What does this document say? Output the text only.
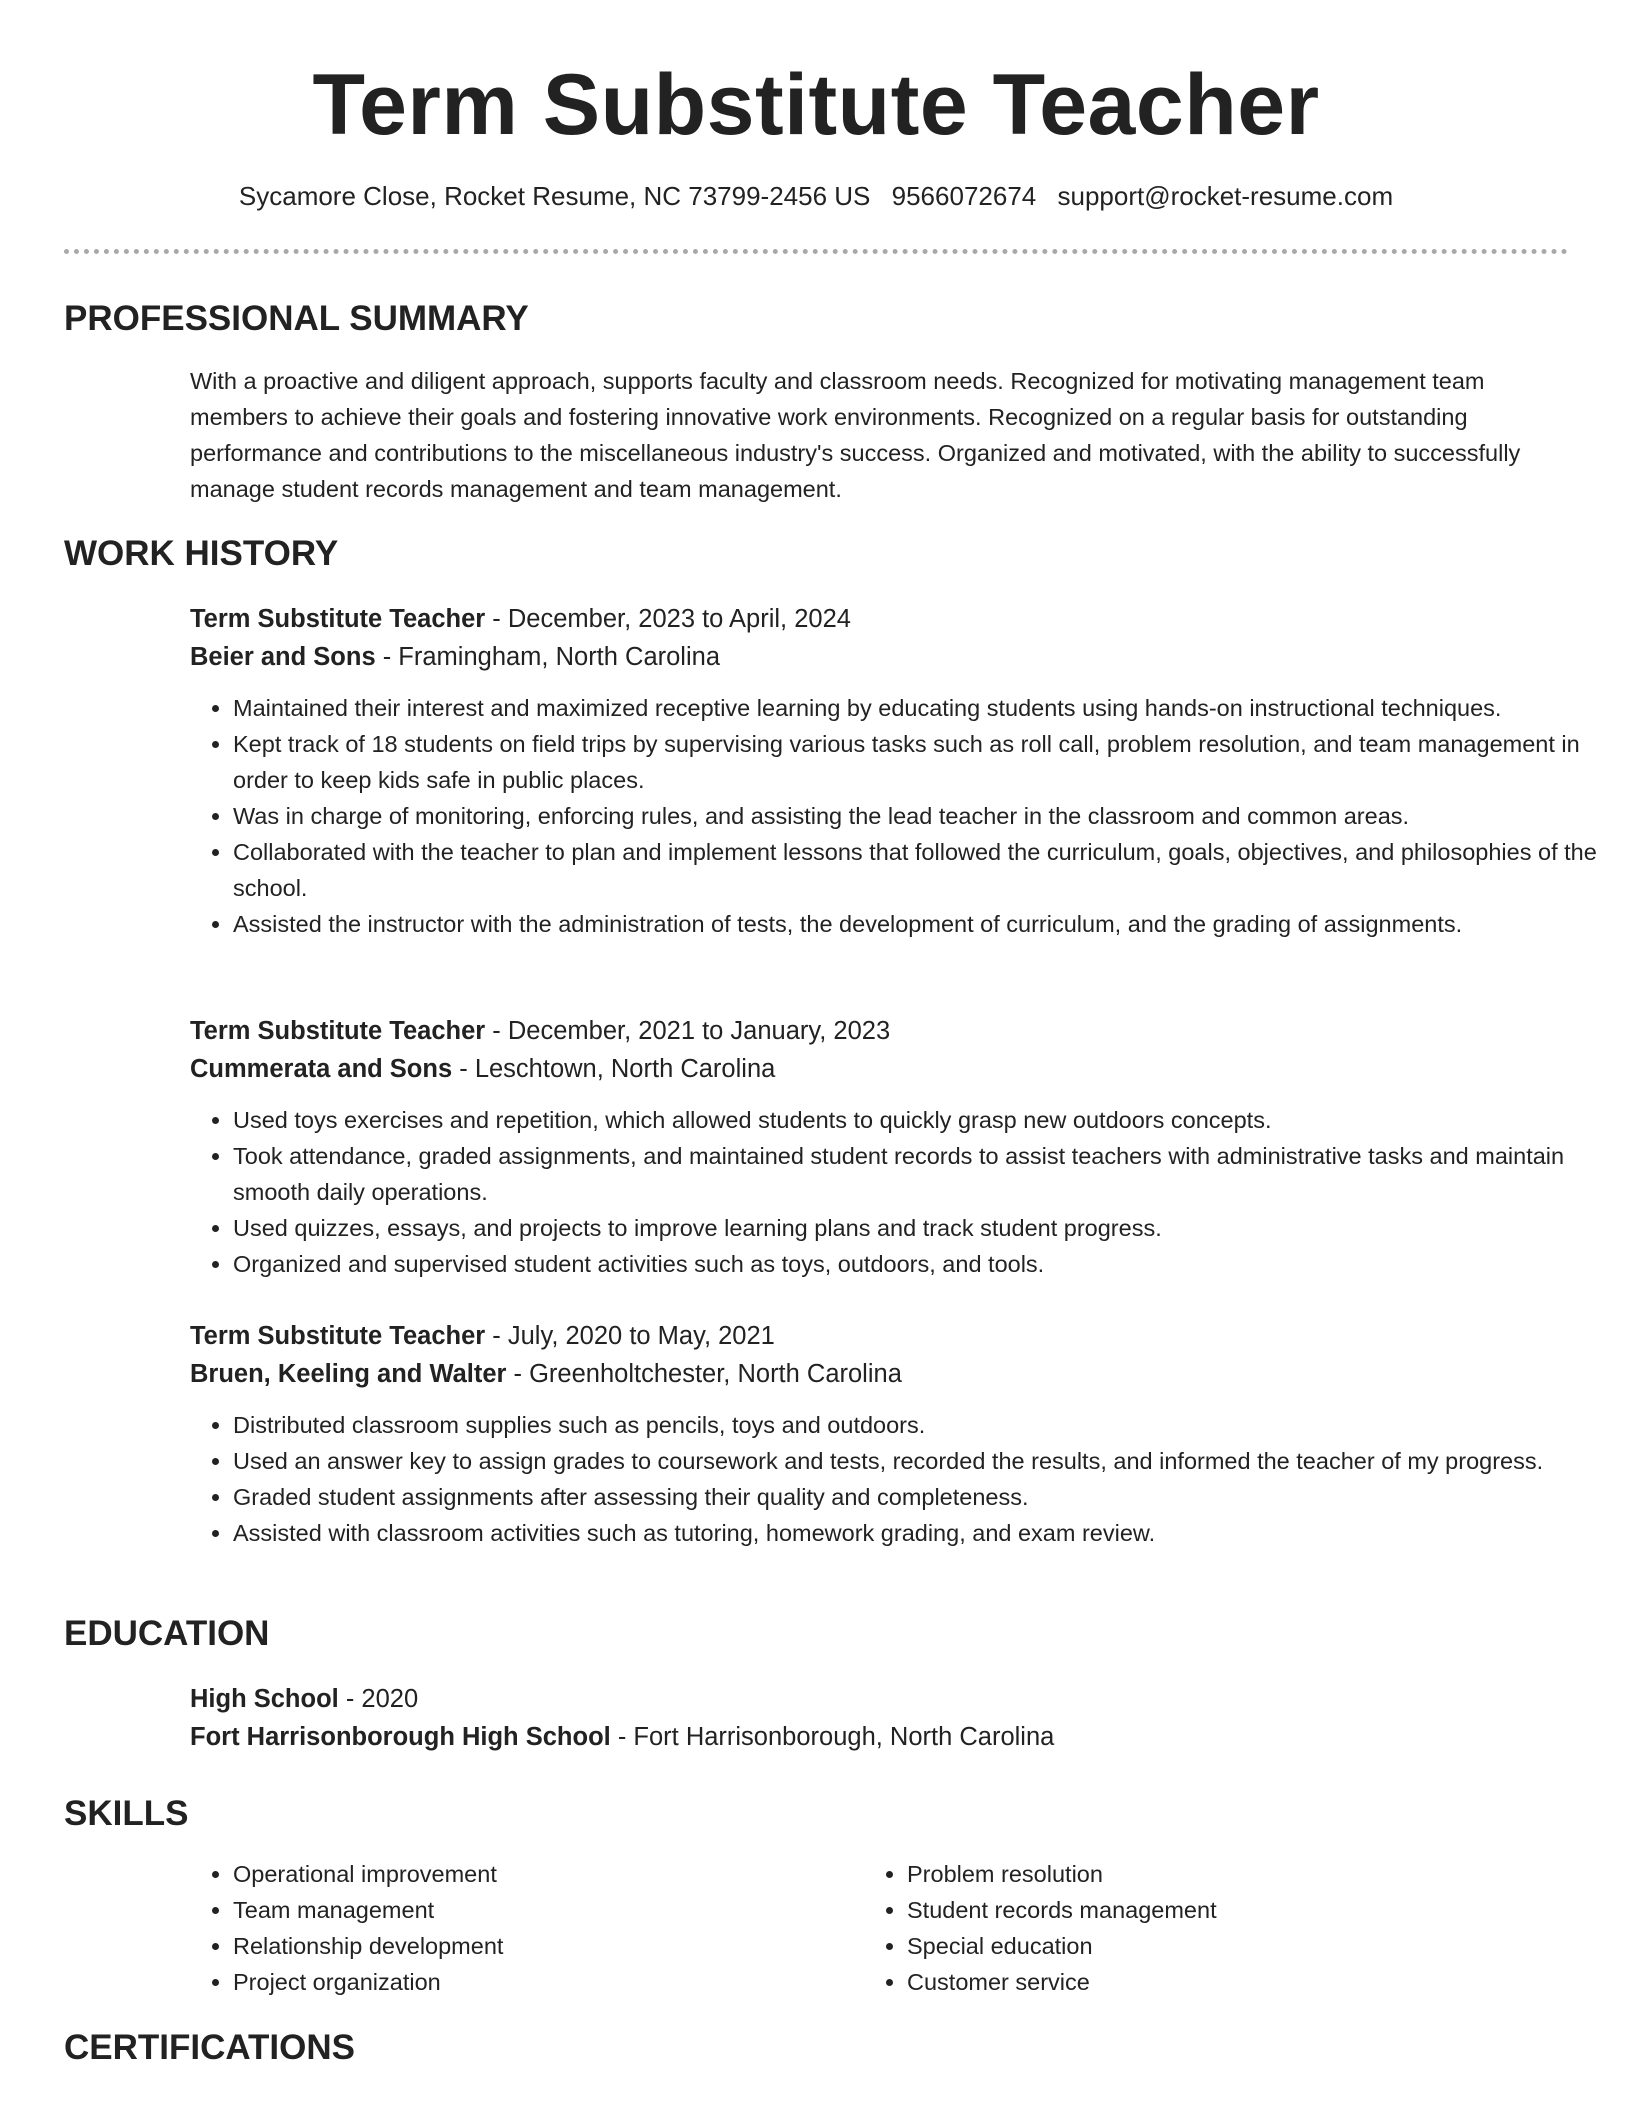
Term Substitute Teacher
Sycamore Close, Rocket Resume, NC 73799-2456 US 9566072674 support@rocket-resume.com
PROFESSIONAL SUMMARY

With a proactive and diligent approach, supports faculty and classroom needs. Recognized for motivating management team members to achieve their goals and fostering innovative work environments. Recognized on a regular basis for outstanding performance and contributions to the miscellaneous industry's success. Organized and motivated, with the ability to successfully manage student records management and team management.

WORK HISTORY
Term Substitute Teacher - December, 2023 to April, 2024
Beier and Sons - Framingham, North Carolina
• Maintained their interest and maximized receptive learning by educating students using hands-on instructional techniques.
• Kept track of 18 students on field trips by supervising various tasks such as roll call, problem resolution, and team management in order to keep kids safe in public places.
• Was in charge of monitoring, enforcing rules, and assisting the lead teacher in the classroom and common areas.
• Collaborated with the teacher to plan and implement lessons that followed the curriculum, goals, objectives, and philosophies of the school.
• Assisted the instructor with the administration of tests, the development of curriculum, and the grading of assignments.
Term Substitute Teacher - December, 2021 to January, 2023
Cummerata and Sons - Leschtown, North Carolina
• Used toys exercises and repetition, which allowed students to quickly grasp new outdoors concepts.
• Took attendance, graded assignments, and maintained student records to assist teachers with administrative tasks and maintain smooth daily operations.
• Used quizzes, essays, and projects to improve learning plans and track student progress.
• Organized and supervised student activities such as toys, outdoors, and tools.
Term Substitute Teacher - July, 2020 to May, 2021
Bruen, Keeling and Walter - Greenholtchester, North Carolina
• Distributed classroom supplies such as pencils, toys and outdoors.
• Used an answer key to assign grades to coursework and tests, recorded the results, and informed the teacher of my progress.
• Graded student assignments after assessing their quality and completeness.
• Assisted with classroom activities such as tutoring, homework grading, and exam review.
EDUCATION
High School - 2020
Fort Harrisonborough High School - Fort Harrisonborough, North Carolina
SKILLS
• Operational improvement
• Team management
• Relationship development
• Project organization
• Problem resolution
• Student records management
• Special education
• Customer service
CERTIFICATIONS
